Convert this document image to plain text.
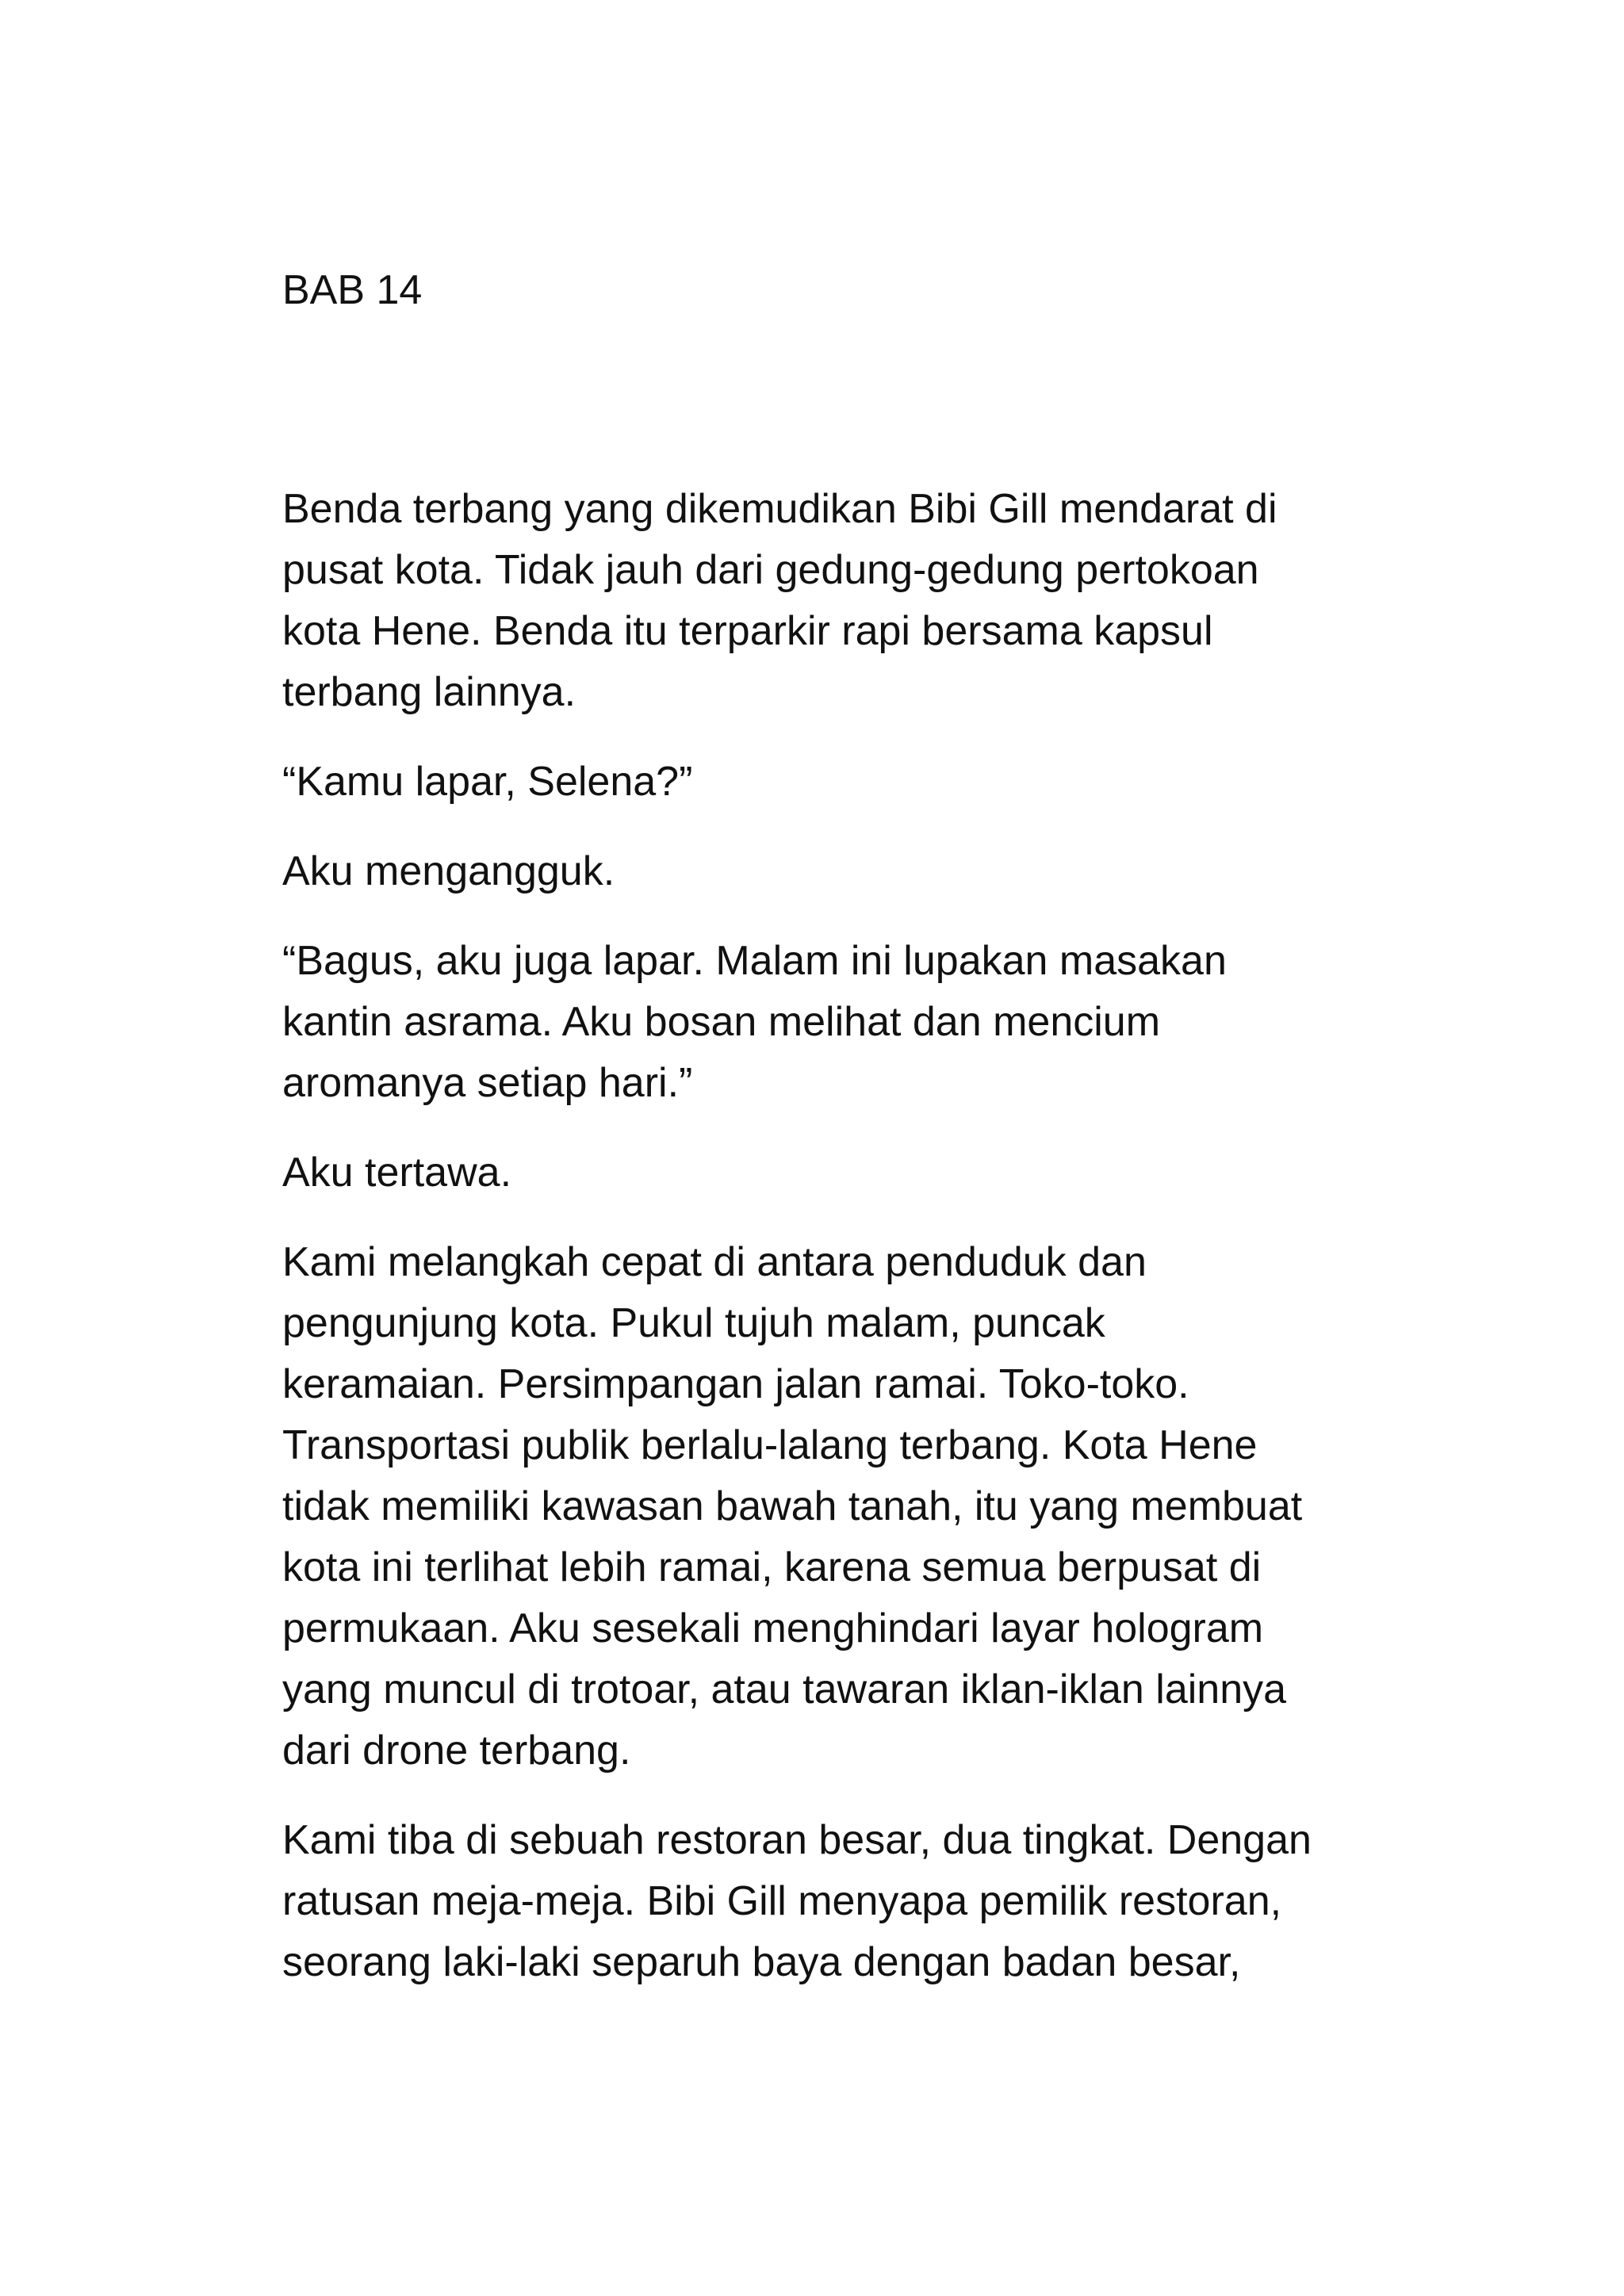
BAB 14
Benda terbang yang dikemudikan Bibi Gill mendarat di
pusat kota. Tidak jauh dari gedung-gedung pertokoan
kota Hene. Benda itu terparkir rapi bersama kapsul
terbang lainnya.
“Kamu lapar, Selena?”
Aku mengangguk.
“Bagus, aku juga lapar. Malam ini lupakan masakan
kantin asrama. Aku bosan melihat dan mencium
aromanya setiap hari.”
Aku tertawa.
Kami melangkah cepat di antara penduduk dan
pengunjung kota. Pukul tujuh malam, puncak
keramaian. Persimpangan jalan ramai. Toko-toko.
Transportasi publik berlalu-lalang terbang. Kota Hene
tidak memiliki kawasan bawah tanah, itu yang membuat
kota ini terlihat lebih ramai, karena semua berpusat di
permukaan. Aku sesekali menghindari layar hologram
yang muncul di trotoar, atau tawaran iklan-iklan lainnya
dari drone terbang.
Kami tiba di sebuah restoran besar, dua tingkat. Dengan
ratusan meja-meja. Bibi Gill menyapa pemilik restoran,
seorang laki-laki separuh baya dengan badan besar,
